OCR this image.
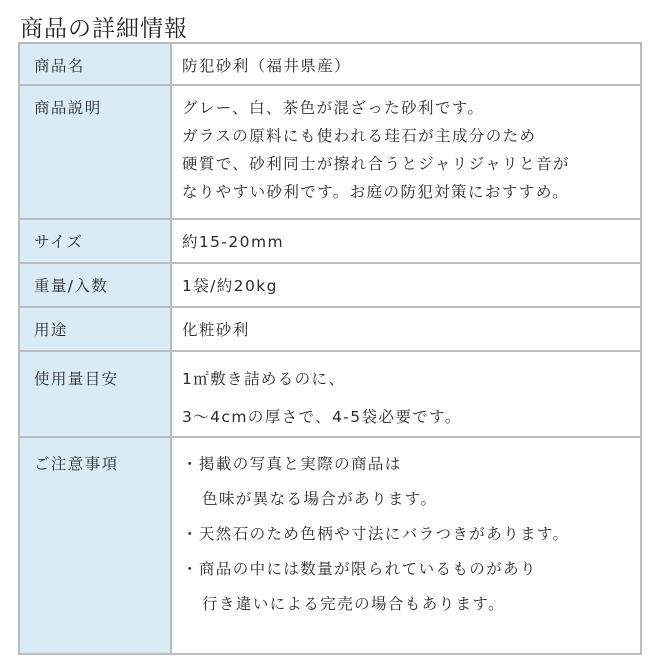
商品の詳細情報
商品名	防犯砂利（福井県産）

商品説明	グレー、白、茶色が混ざった砂利です。
ガラスの原料にも使われる珪石が主成分のため
硬質で、砂利同士が擦れ合うとジャリジャリと音が
なりやすい砂利です。お庭の防犯対策におすすめ。

サイズ	約15-20mm

重量/入数	1袋/約20kg

用途	化粧砂利

使用量目安	1㎡敷き詰めるのに、
3～4cmの厚さで、4-5袋必要です。

ご注意事項	・掲載の写真と実際の商品は
色味が異なる場合があります。
・天然石のため色柄や寸法にバラつきがあります。
・商品の中には数量が限られているものがあり
行き違いによる完売の場合もあります。
